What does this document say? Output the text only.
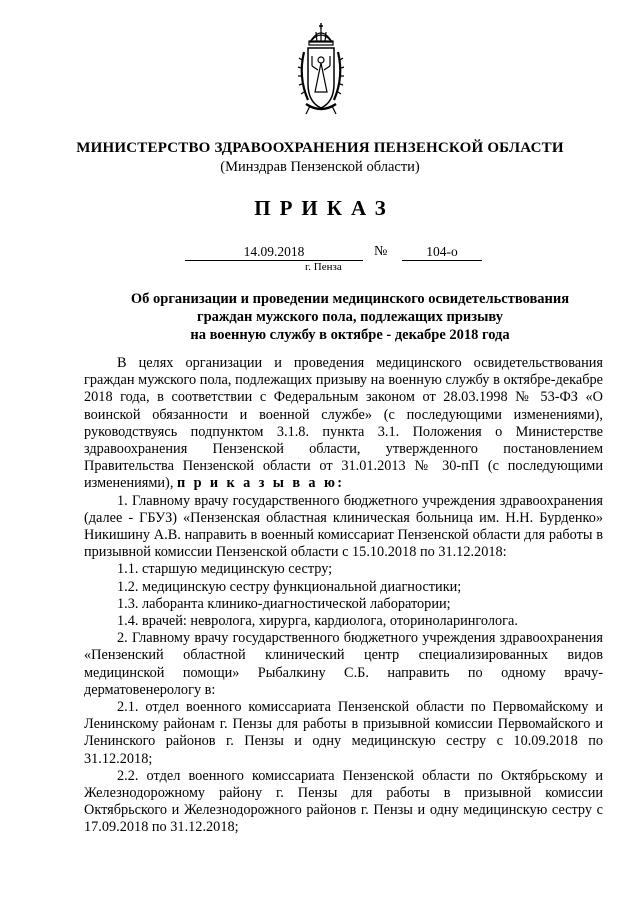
МИНИСТЕРСТВО ЗДРАВООХРАНЕНИЯ ПЕНЗЕНСКОЙ ОБЛАСТИ
(Минздрав Пензенской области)
ПРИКАЗ
14.09.2018	№	104-о
г. Пенза
Об организации и проведении медицинского освидетельствования
граждан мужского пола, подлежащих призыву
на военную службу в октябре - декабре 2018 года

В целях организации и проведения медицинского освидетельствования граждан мужского пола, подлежащих призыву на военную службу в октябре-декабре 2018 года, в соответствии с Федеральным законом от 28.03.1998 № 53-ФЗ «О воинской обязанности и военной службе» (с последующими изменениями), руководствуясь подпунктом 3.1.8. пункта 3.1. Положения о Министерстве здравоохранения Пензенской области, утвержденного постановлением Правительства Пензенской области от 31.01.2013 № 30-пП (с последующими изменениями), п р и к а з ы в а ю:

1. Главному врачу государственного бюджетного учреждения здравоохранения (далее - ГБУЗ) «Пензенская областная клиническая больница им. Н.Н. Бурденко» Никишину А.В. направить в военный комиссариат Пензенской области для работы в призывной комиссии Пензенской области с 15.10.2018 по 31.12.2018:

1.1. старшую медицинскую сестру;

1.2. медицинскую сестру функциональной диагностики;

1.3. лаборанта клинико-диагностической лаборатории;

1.4. врачей: невролога, хирурга, кардиолога, оториноларинголога.

2. Главному врачу государственного бюджетного учреждения здравоохранения «Пензенский областной клинический центр специализированных видов медицинской помощи» Рыбалкину С.Б. направить по одному врачу-дерматовенерологу в:

2.1. отдел военного комиссариата Пензенской области по Первомайскому и Ленинскому районам г. Пензы для работы в призывной комиссии Первомайского и Ленинского районов г. Пензы и одну медицинскую сестру с 10.09.2018 по 31.12.2018;

2.2. отдел военного комиссариата Пензенской области по Октябрьскому и Железнодорожному району г. Пензы для работы в призывной комиссии Октябрьского и Железнодорожного районов г. Пензы и одну медицинскую сестру с 17.09.2018 по 31.12.2018;
